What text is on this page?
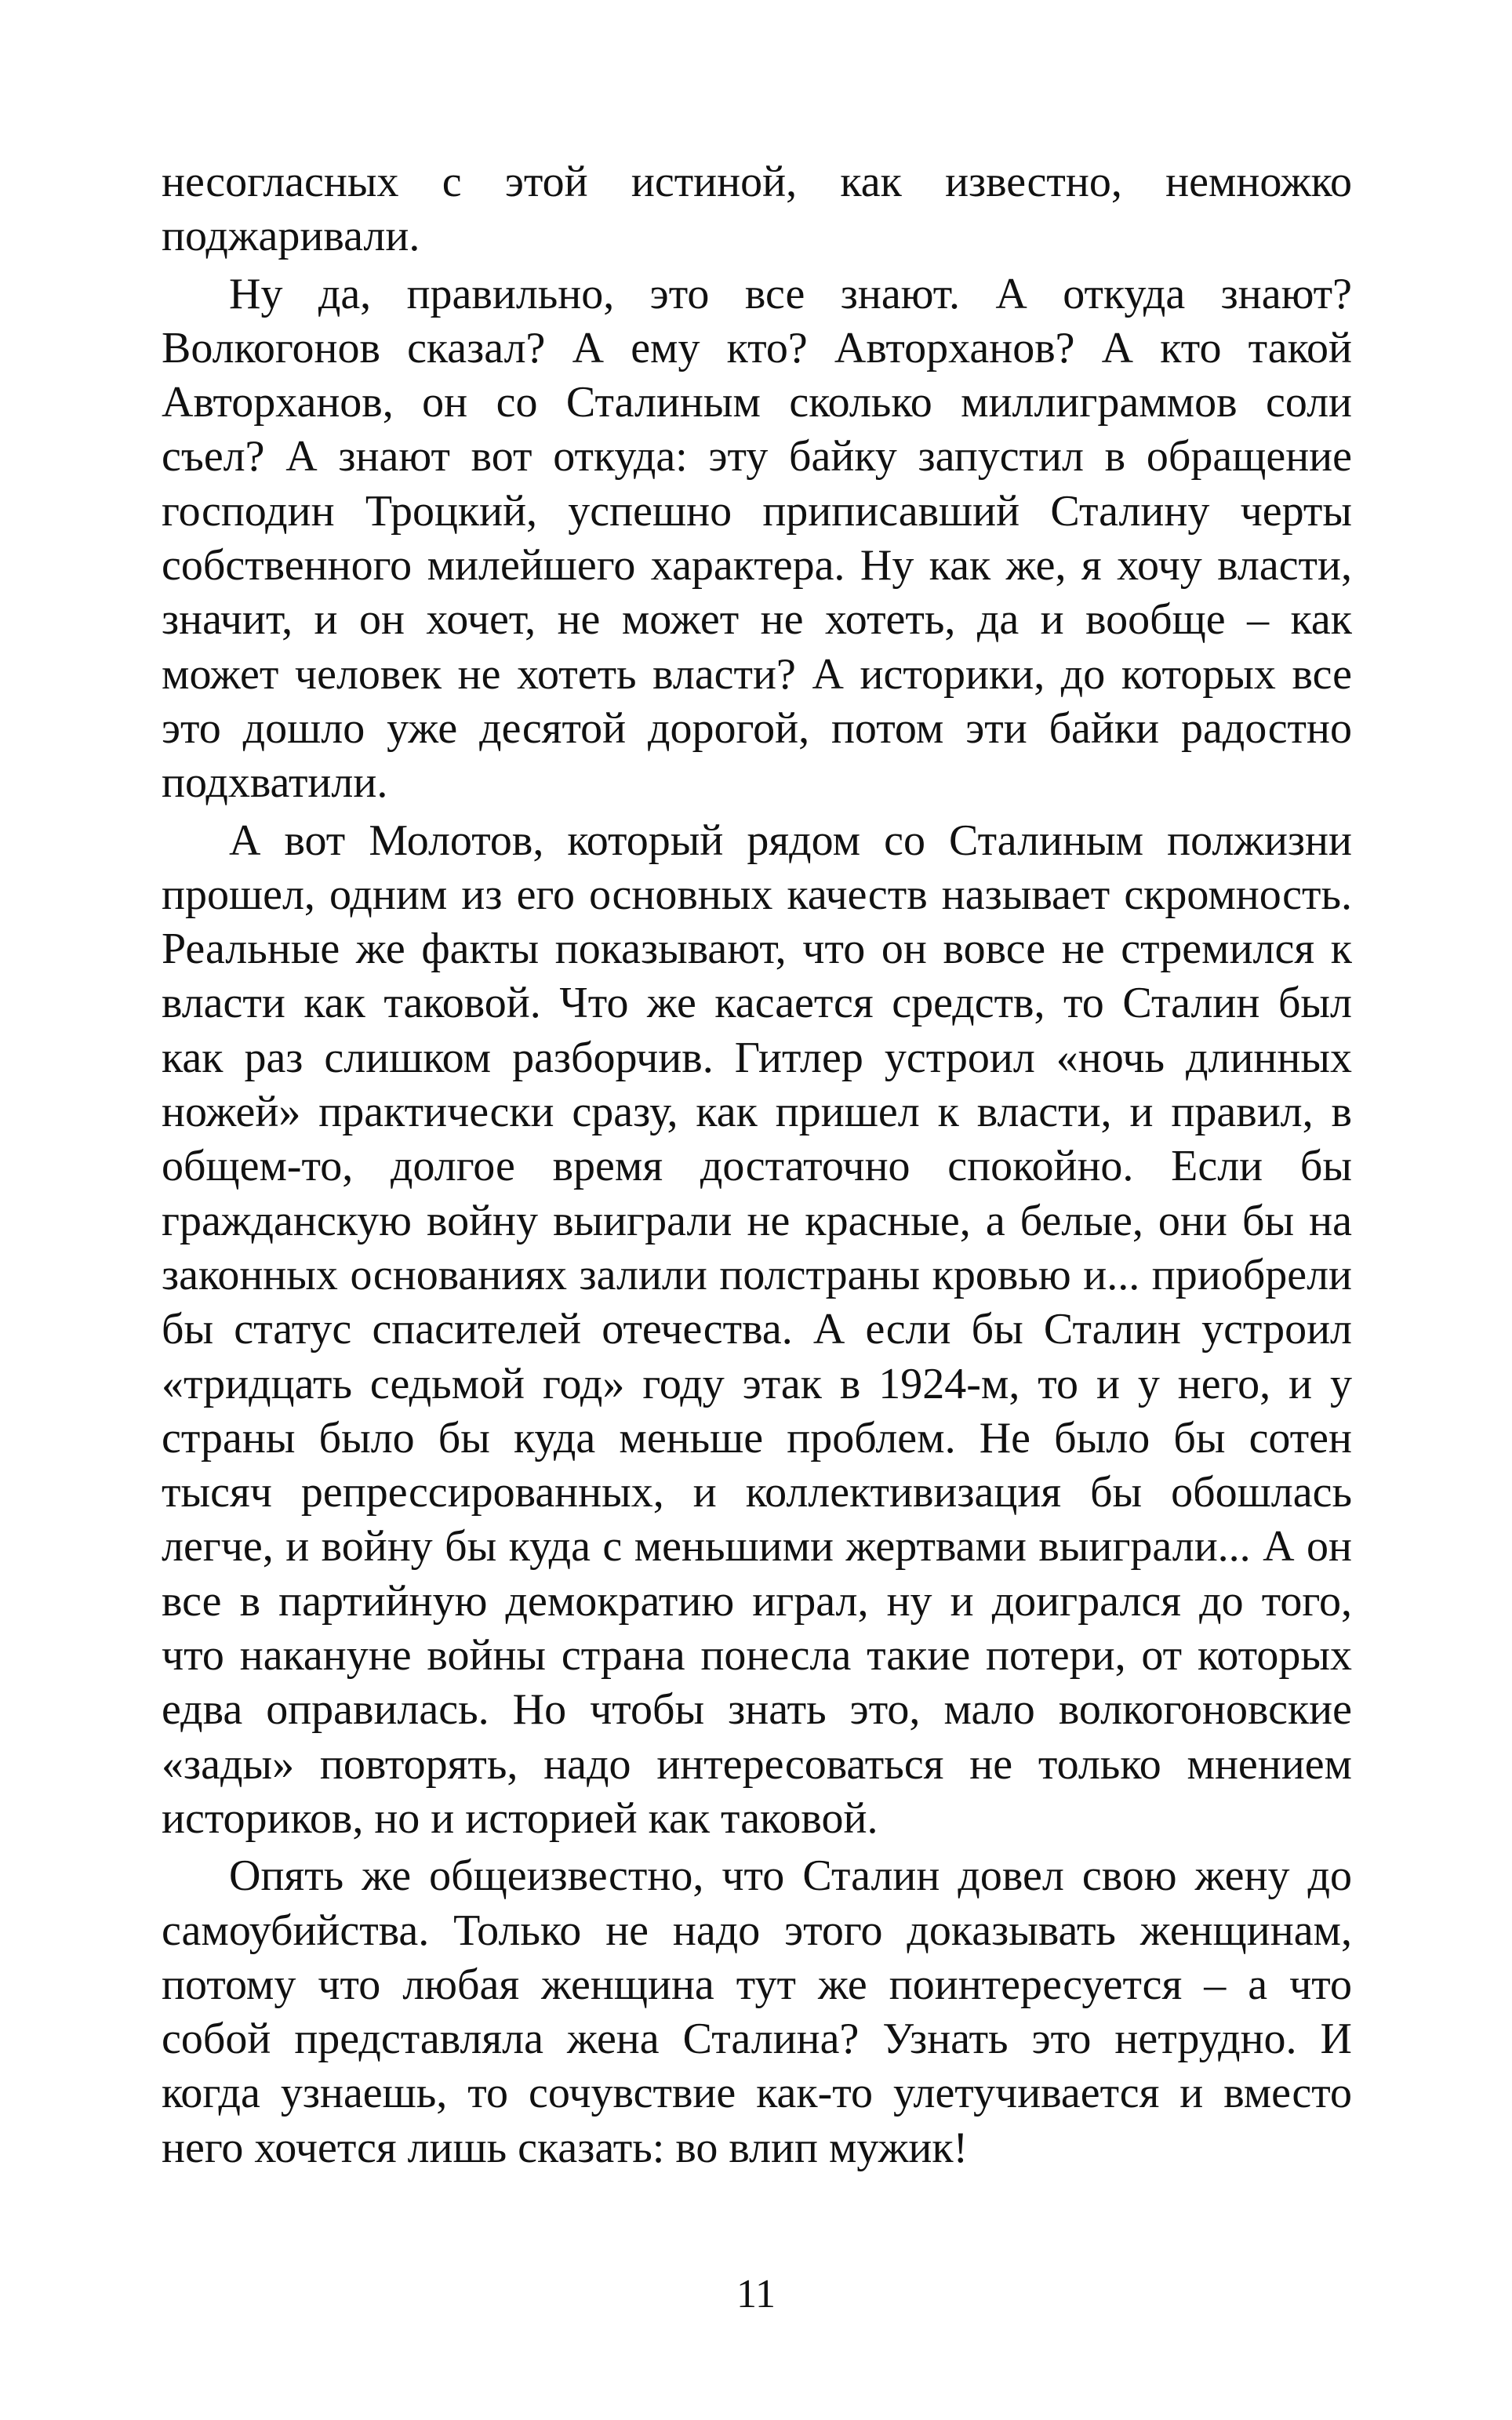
несогласных с этой истиной, как известно, немножко поджаривали.

Ну да, правильно, это все знают. А откуда знают? Волкогонов сказал? А ему кто? Авторханов? А кто такой Авторханов, он со Сталиным сколько миллиграммов соли съел? А знают вот откуда: эту байку запустил в обращение господин Троцкий, успешно приписавший Сталину черты собственного милейшего характера. Ну как же, я хочу власти, значит, и он хочет, не может не хотеть, да и вообще – как может человек не хотеть власти? А историки, до которых все это дошло уже десятой дорогой, потом эти байки радостно подхватили.

А вот Молотов, который рядом со Сталиным полжизни прошел, одним из его основных качеств называет скромность. Реальные же факты показывают, что он вовсе не стремился к власти как таковой. Что же касается средств, то Сталин был как раз слишком разборчив. Гитлер устроил «ночь длинных ножей» практически сразу, как пришел к власти, и правил, в общем-то, долгое время достаточно спокойно. Если бы гражданскую войну выиграли не красные, а белые, они бы на законных основаниях залили полстраны кровью и... приобрели бы статус спасителей отечества. А если бы Сталин устроил «тридцать седьмой год» году этак в 1924-м, то и у него, и у страны было бы куда меньше проблем. Не было бы сотен тысяч репрессированных, и коллективизация бы обошлась легче, и войну бы куда с меньшими жертвами выиграли... А он все в партийную демократию играл, ну и доигрался до того, что накануне войны страна понесла такие потери, от которых едва оправилась. Но чтобы знать это, мало волкогоновские «зады» повторять, надо интересоваться не только мнением историков, но и историей как таковой.

Опять же общеизвестно, что Сталин довел свою жену до самоубийства. Только не надо этого доказывать женщинам, потому что любая женщина тут же поинтересуется – а что собой представляла жена Сталина? Узнать это нетрудно. И когда узнаешь, то сочувствие как-то улетучивается и вместо него хочется лишь сказать: во влип мужик!

11
